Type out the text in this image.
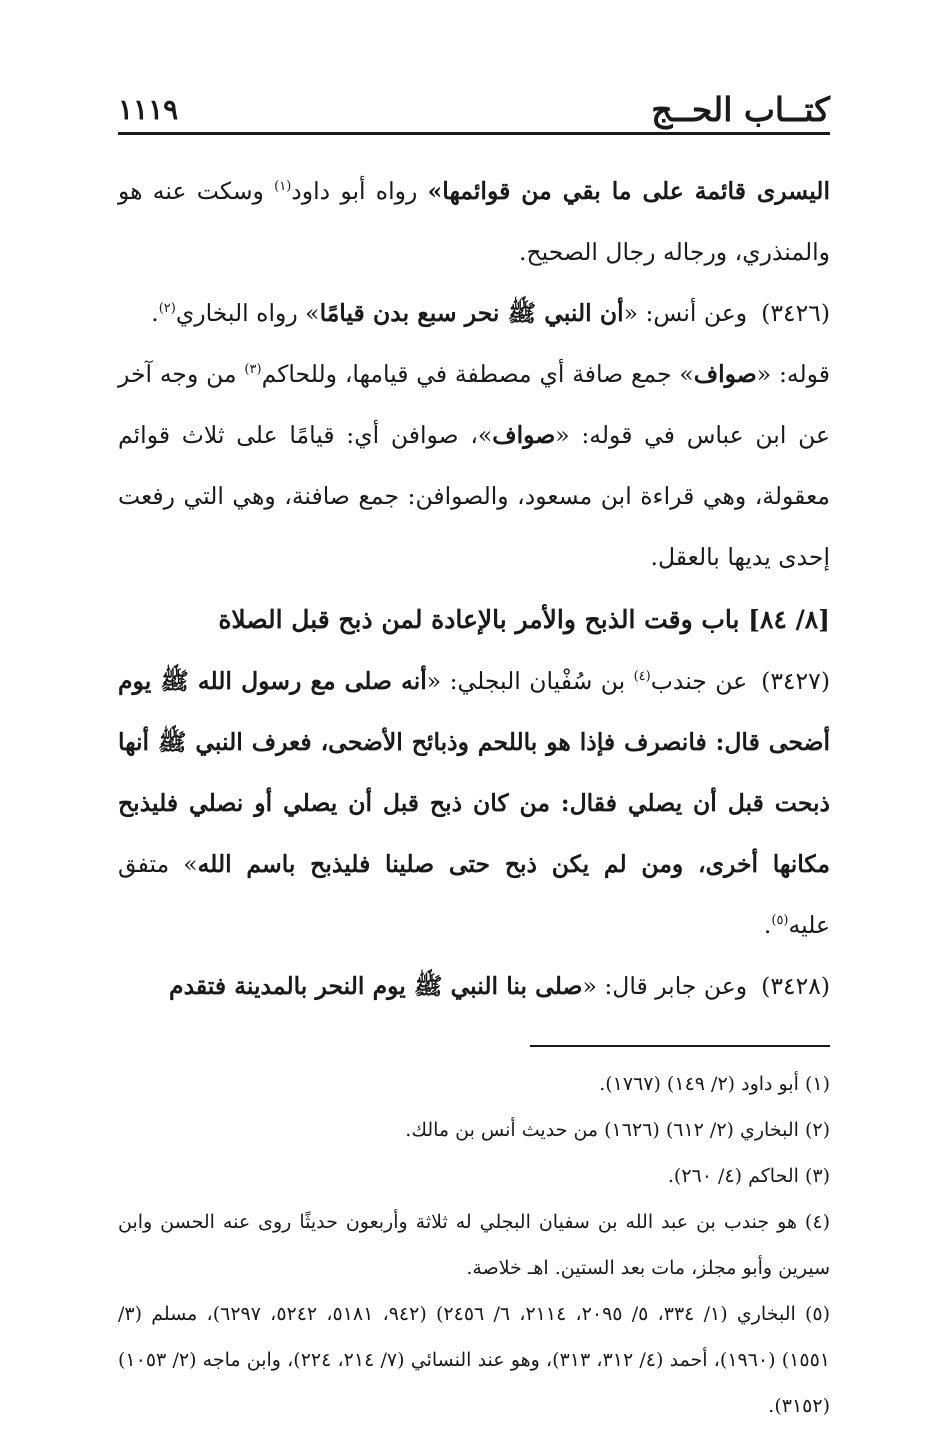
كتــاب الحــج
١١١٩

اليسرى قائمة على ما بقي من قوائمها» رواه أبو داود$^{(١)}$ وسكت عنه هو والمنذري، ورجاله رجال الصحيح.

(٣٤٢٦)وعن أنس: «أن النبي ﷺ نحر سبع بدن قيامًا» رواه البخاري$^{(٢)}$.

قوله: «صواف» جمع صافة أي مصطفة في قيامها، وللحاكم$^{(٣)}$ من وجه آخر عن ابن عباس في قوله: «صواف»، صوافن أي: قيامًا على ثلاث قوائم معقولة، وهي قراءة ابن مسعود، والصوافن: جمع صافنة، وهي التي رفعت إحدى يديها بالعقل.

[٨/ ٨٤] باب وقت الذبح والأمر بالإعادة لمن ذبح قبل الصلاة

(٣٤٢٧)عن جندب$^{(٤)}$ بن سُفْيان البجلي: «أنه صلى مع رسول الله ﷺ يوم أضحى قال: فانصرف فإذا هو باللحم وذبائح الأضحى، فعرف النبي ﷺ أنها ذبحت قبل أن يصلي فقال: من كان ذبح قبل أن يصلي أو نصلي فليذبح مكانها أخرى، ومن لم يكن ذبح حتى صلينا فليذبح باسم الله» متفق عليه$^{(٥)}$.

(٣٤٢٨)وعن جابر قال: «صلى بنا النبي ﷺ يوم النحر بالمدينة فتقدم

(١) أبو داود (٢/ ١٤٩) (١٧٦٧).

(٢) البخاري (٢/ ٦١٢) (١٦٢٦) من حديث أنس بن مالك.

(٣) الحاكم (٤/ ٢٦٠).

(٤) هو جندب بن عبد الله بن سفيان البجلي له ثلاثة وأربعون حديثًا روى عنه الحسن وابن سيرين وأبو مجلز، مات بعد الستين. اهـ خلاصة.

(٥) البخاري (١/ ٣٣٤، ٥/ ٢٠٩٥، ٢١١٤، ٦/ ٢٤٥٦) (٩٤٢، ٥١٨١، ٥٢٤٢، ٦٢٩٧)، مسلم (٣/ ١٥٥١) (١٩٦٠)، أحمد (٤/ ٣١٢، ٣١٣)، وهو عند النسائي (٧/ ٢١٤، ٢٢٤)، وابن ماجه (٢/ ١٠٥٣) (٣١٥٢).
